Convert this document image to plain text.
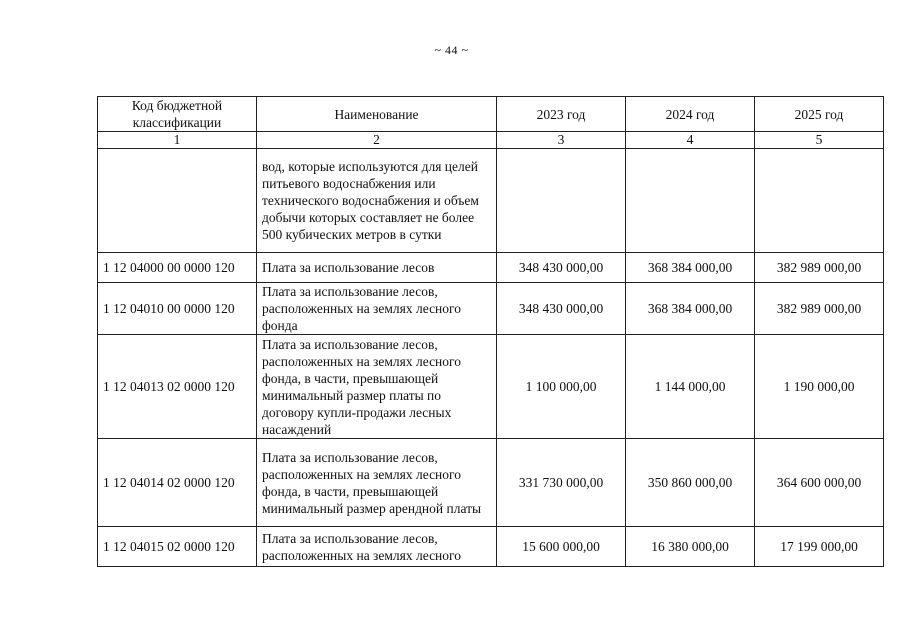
~ 44 ~
Код бюджетной классификации	Наименование	2023 год	2024 год	2025 год
1	2	3	4	5
	вод, которые используются для целей питьевого водоснабжения или технического водоснабжения и объем добычи которых составляет не более 500 кубических метров в сутки			
1 12 04000 00 0000 120	Плата за использование лесов	348 430 000,00	368 384 000,00	382 989 000,00
1 12 04010 00 0000 120	Плата за использование лесов, расположенных на землях лесного фонда	348 430 000,00	368 384 000,00	382 989 000,00
1 12 04013 02 0000 120	Плата за использование лесов, расположенных на землях лесного фонда, в части, превышающей минимальный размер платы по договору купли-продажи лесных насаждений	1 100 000,00	1 144 000,00	1 190 000,00
1 12 04014 02 0000 120	Плата за использование лесов, расположенных на землях лесного фонда, в части, превышающей минимальный размер арендной платы	331 730 000,00	350 860 000,00	364 600 000,00
1 12 04015 02 0000 120	Плата за использование лесов, расположенных на землях лесного	15 600 000,00	16 380 000,00	17 199 000,00
